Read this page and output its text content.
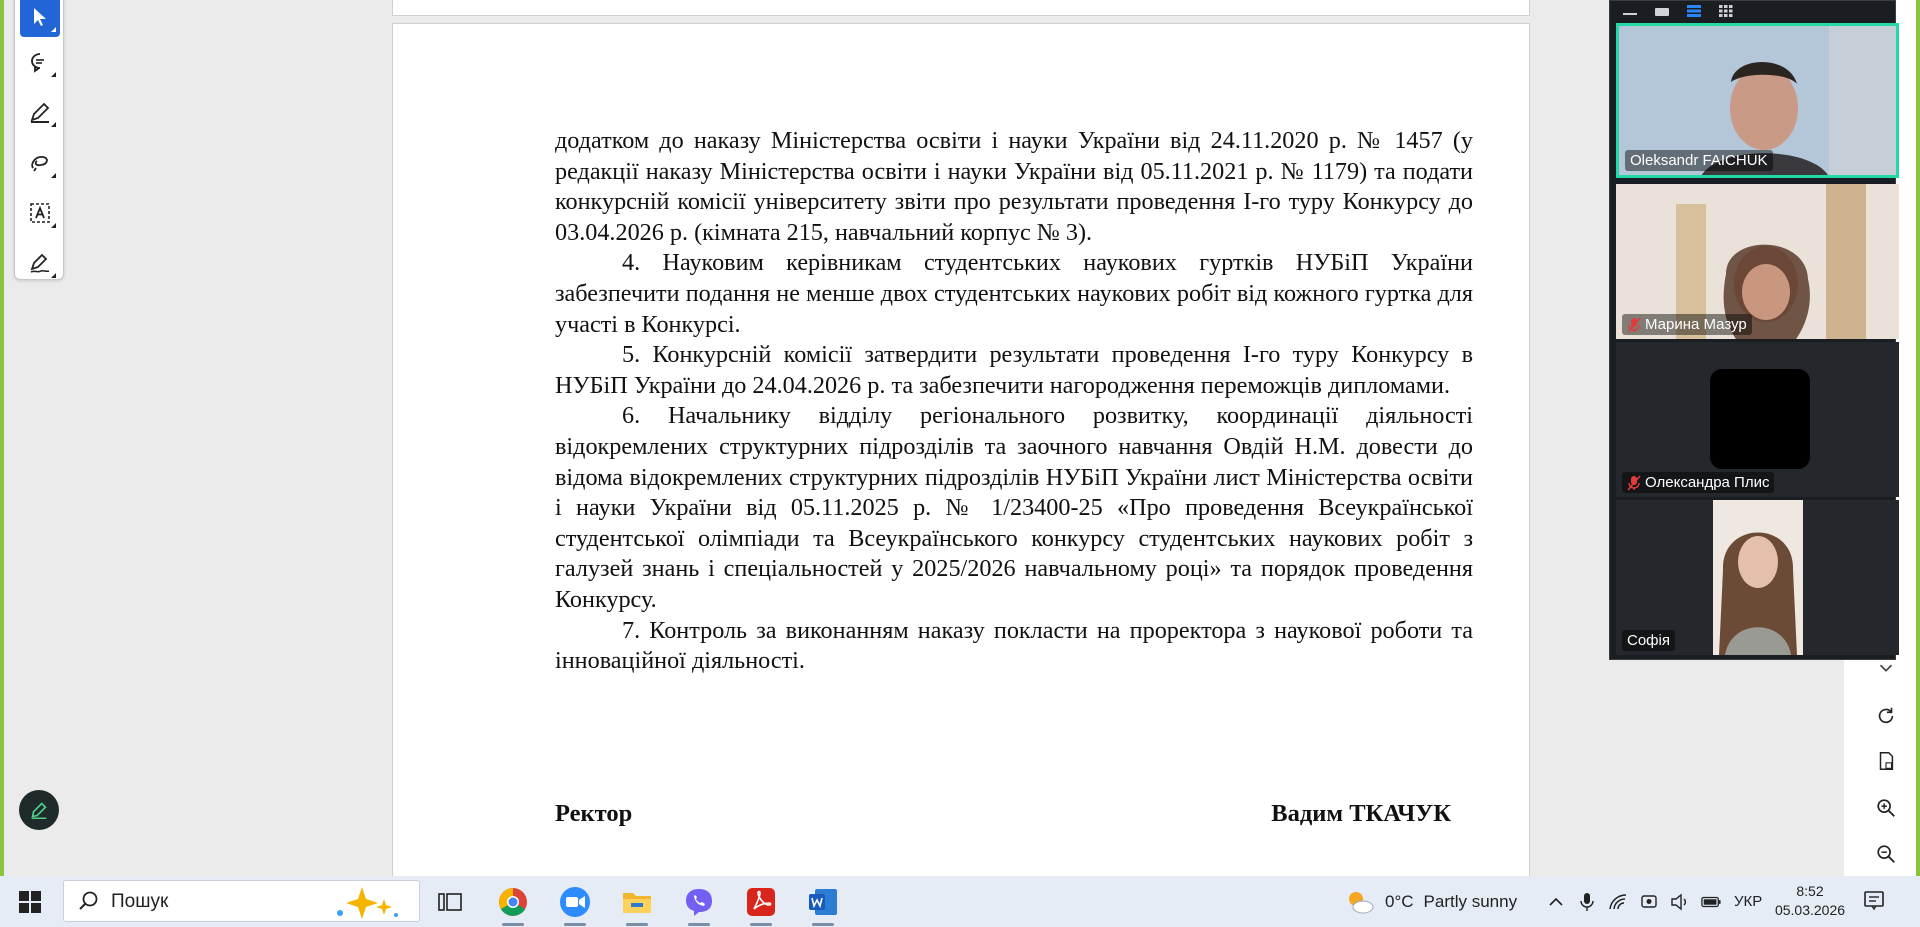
додатком до наказу Міністерства освіти і науки України від 24.11.2020 р. № 1457 (у редакції наказу Міністерства освіти і науки України від 05.11.2021 р. № 1179) та подати конкурсній комісії університету звіти про результати проведення І-го туру Конкурсу до 03.04.2026 р. (кімната 215, навчальний корпус № 3).

4. Науковим керівникам студентських наукових гуртків НУБіП України забезпечити подання не менше двох студентських наукових робіт від кожного гуртка для участі в Конкурсі.

5. Конкурсній комісії затвердити результати проведення І-го туру Конкурсу в НУБіП України до 24.04.2026 р. та забезпечити нагородження переможців дипломами.

6. Начальнику відділу регіонального розвитку, координації діяльності відокремлених структурних підрозділів та заочного навчання Овдій Н.М. довести до відома відокремлених структурних підрозділів НУБіП України лист Міністерства освіти і науки України від 05.11.2025 р. № 1/23400-25 «Про проведення Всеукраїнської студентської олімпіади та Всеукраїнського конкурсу студентських наукових робіт з галузей знань і спеціальностей у 2025/2026 навчальному році» та порядок проведення Конкурсу.

7. Контроль за виконанням наказу покласти на проректора з наукової роботи та інноваційної діяльності.

Ректор	Вадим ТКАЧУК
Oleksandr FAICHUK
Марина Мазур
Олександра Плис
Софія
Пошук	0°C Partly sunny	УКР
8:52
05.03.2026
